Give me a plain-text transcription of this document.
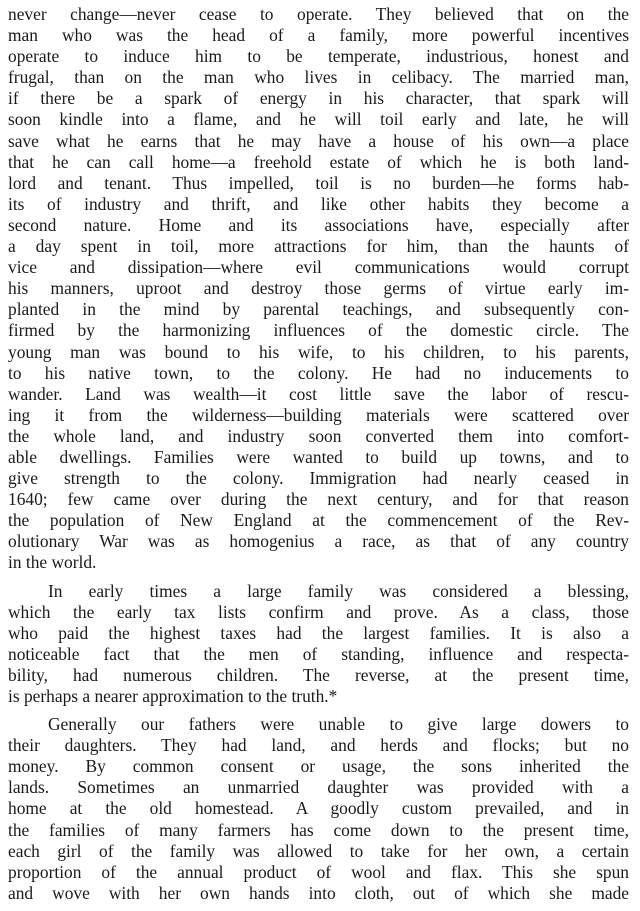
never change—never cease to operate. They believed that on the
man who was the head of a family, more powerful incentives
operate to induce him to be temperate, industrious, honest and
frugal, than on the man who lives in celibacy. The married man,
if there be a spark of energy in his character, that spark will
soon kindle into a flame, and he will toil early and late, he will
save what he earns that he may have a house of his own—a place
that he can call home—a freehold estate of which he is both land-
lord and tenant. Thus impelled, toil is no burden—he forms hab-
its of industry and thrift, and like other habits they become a
second nature. Home and its associations have, especially after
a day spent in toil, more attractions for him, than the haunts of
vice and dissipation—where evil communications would corrupt
his manners, uproot and destroy those germs of virtue early im-
planted in the mind by parental teachings, and subsequently con-
firmed by the harmonizing influences of the domestic circle. The
young man was bound to his wife, to his children, to his parents,
to his native town, to the colony. He had no inducements to
wander. Land was wealth—it cost little save the labor of rescu-
ing it from the wilderness—building materials were scattered over
the whole land, and industry soon converted them into comfort-
able dwellings. Families were wanted to build up towns, and to
give strength to the colony. Immigration had nearly ceased in
1640; few came over during the next century, and for that reason
the population of New England at the commencement of the Rev-
olutionary War was as homogenius a race, as that of any country
in the world.
In early times a large family was considered a blessing,
which the early tax lists confirm and prove. As a class, those
who paid the highest taxes had the largest families. It is also a
noticeable fact that the men of standing, influence and respecta-
bility, had numerous children. The reverse, at the present time,
is perhaps a nearer approximation to the truth.*
Generally our fathers were unable to give large dowers to
their daughters. They had land, and herds and flocks; but no
money. By common consent or usage, the sons inherited the
lands. Sometimes an unmarried daughter was provided with a
home at the old homestead. A goodly custom prevailed, and in
the families of many farmers has come down to the present time,
each girl of the family was allowed to take for her own, a certain
proportion of the annual product of wool and flax. This she spun
and wove with her own hands into cloth, out of which she made
